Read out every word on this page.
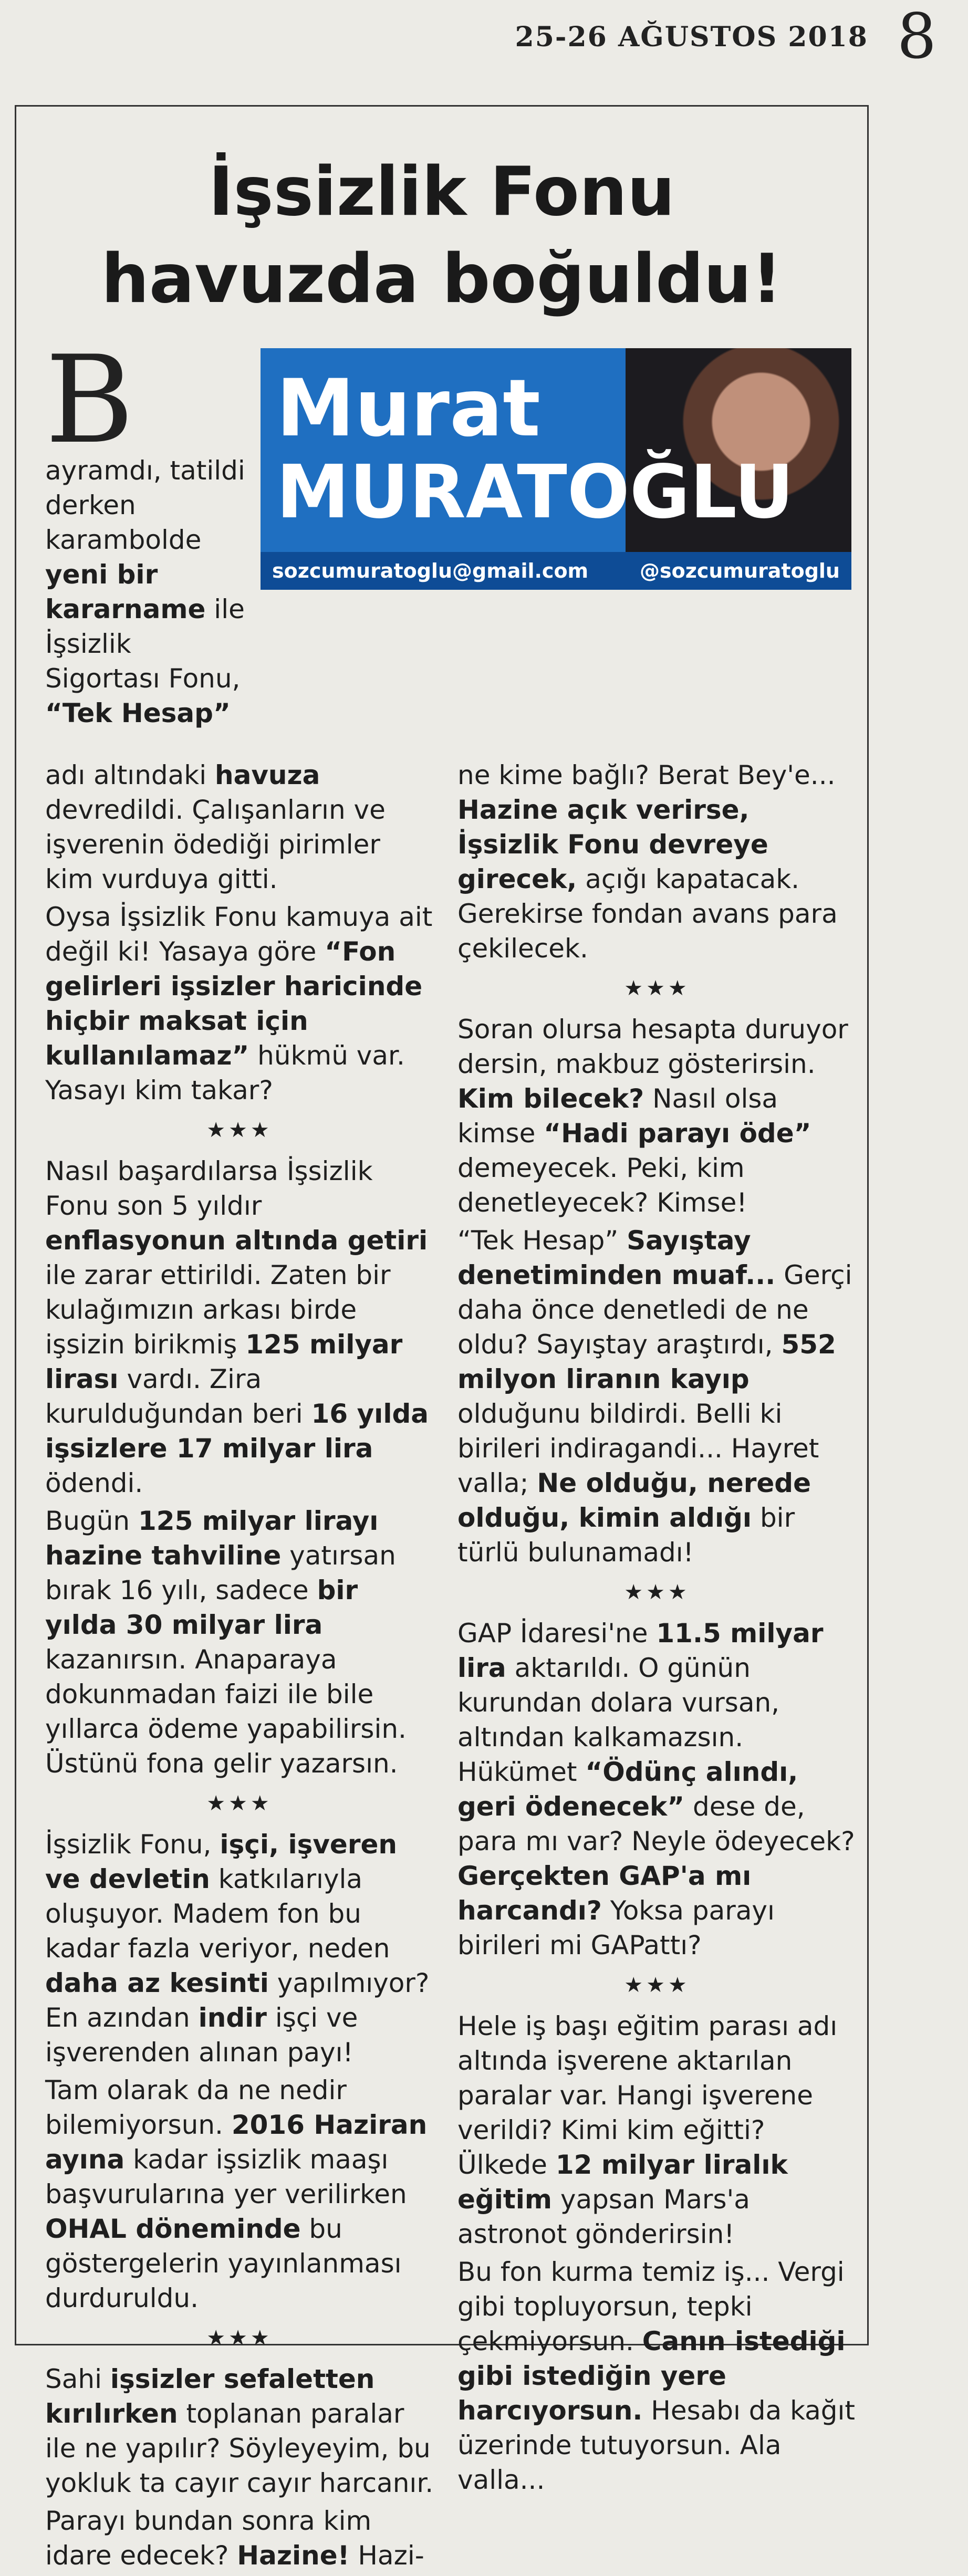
25-26 AĞUSTOS 2018 8
İşsizlik Fonu
havuzda boğuldu!
B
ayramdı, tatildi derken karambolde yeni bir kararname ile İşsizlik Sigortası Fonu, “Tek Hesap”
Murat
MURATOĞLU
sozcumuratoglu@gmail.com	@sozcumuratoglu

adı altındaki havuza devredildi. Çalışanların ve işverenin ödediği pirimler kim vurduya gitti.

Oysa İşsizlik Fonu kamuya ait değil ki! Yasaya göre “Fon gelirleri işsizler haricinde hiçbir maksat için kullanılamaz” hükmü var. Yasayı kim takar?

★★★

Nasıl başardılarsa İşsizlik Fonu son 5 yıldır enflasyonun altında getiri ile zarar ettirildi. Zaten bir kulağımızın arkası birde işsizin birikmiş 125 milyar lirası vardı. Zira kurulduğundan beri 16 yılda işsizlere 17 milyar lira ödendi.

Bugün 125 milyar lirayı hazine tahviline yatırsan bırak 16 yılı, sadece bir yılda 30 milyar lira kazanırsın. Anaparaya dokunmadan faizi ile bile yıllarca ödeme yapabilirsin. Üstünü fona gelir yazarsın.

★★★

İşsizlik Fonu, işçi, işveren ve devletin katkılarıyla oluşuyor. Madem fon bu kadar fazla veriyor, neden daha az kesinti yapılmıyor? En azından indir işçi ve işverenden alınan payı!

Tam olarak da ne nedir bilemiyorsun. 2016 Haziran ayına kadar işsizlik maaşı başvurularına yer verilirken OHAL döneminde bu göstergelerin yayınlanması durduruldu.

★★★

Sahi işsizler sefaletten kırılırken toplanan paralar ile ne yapılır? Söyleyeyim, bu yokluk ta cayır cayır harcanır.

Parayı bundan sonra kim idare edecek? Hazine! Hazi-

ne kime bağlı? Berat Bey'e... Hazine açık verirse, İşsizlik Fonu devreye girecek, açığı kapatacak. Gerekirse fondan avans para çekilecek.

★★★

Soran olursa hesapta duruyor dersin, makbuz gösterirsin. Kim bilecek? Nasıl olsa kimse “Hadi parayı öde” demeyecek. Peki, kim denetleyecek? Kimse!

“Tek Hesap” Sayıştay denetiminden muaf... Gerçi daha önce denetledi de ne oldu? Sayıştay araştırdı, 552 milyon liranın kayıp olduğunu bildirdi. Belli ki birileri indiragandi... Hayret valla; Ne olduğu, nerede olduğu, kimin aldığı bir türlü bulunamadı!

★★★

GAP İdaresi'ne 11.5 milyar lira aktarıldı. O günün kurundan dolara vursan, altından kalkamazsın. Hükümet “Ödünç alındı, geri ödenecek” dese de, para mı var? Neyle ödeyecek? Gerçekten GAP'a mı harcandı? Yoksa parayı birileri mi GAPattı?

★★★

Hele iş başı eğitim parası adı altında işverene aktarılan paralar var. Hangi işverene verildi? Kimi kim eğitti? Ülkede 12 milyar liralık eğitim yapsan Mars'a astronot gönderirsin!

Bu fon kurma temiz iş... Vergi gibi topluyorsun, tepki çekmiyorsun. Canın istediği gibi istediğin yere harcıyorsun. Hesabı da kağıt üzerinde tutuyorsun. Ala valla...
